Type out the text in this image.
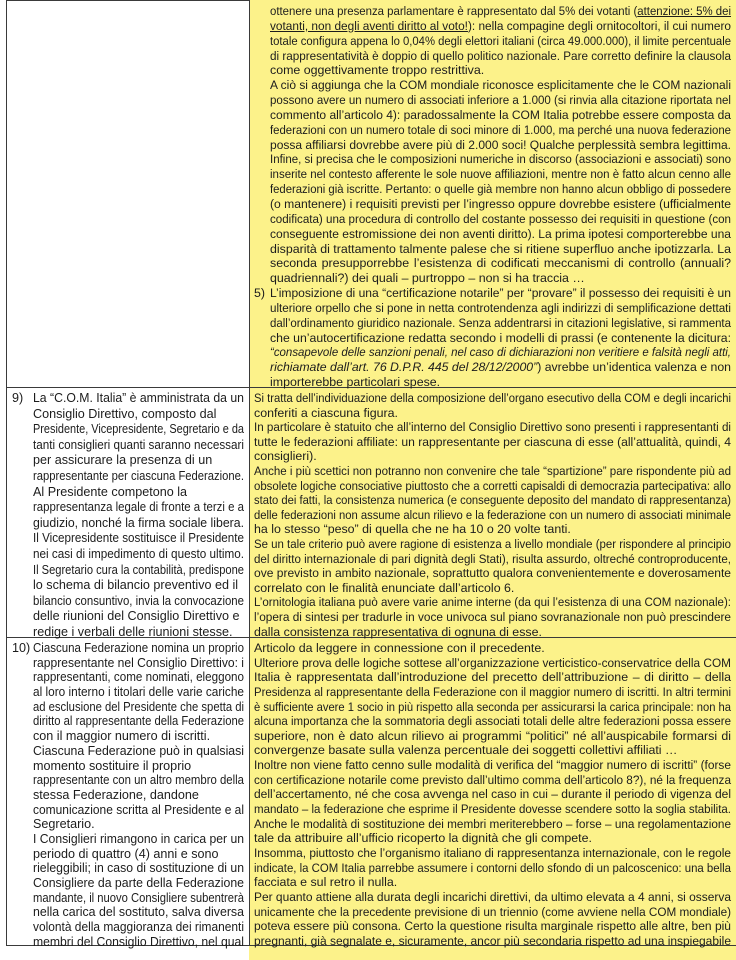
ottenere una presenza parlamentare è rappresentato dal 5% dei votanti (attenzione: 5% dei
votanti, non degli aventi diritto al voto!): nella compagine degli ornitocoltori, il cui numero
totale configura appena lo 0,04% degli elettori italiani (circa 49.000.000), il limite percentuale
di rappresentatività è doppio di quello politico nazionale. Pare corretto definire la clausola
come oggettivamente troppo restrittiva.
A ciò si aggiunga che la COM mondiale riconosce esplicitamente che le COM nazionali
possono avere un numero di associati inferiore a 1.000 (si rinvia alla citazione riportata nel
commento all’articolo 4): paradossalmente la COM Italia potrebbe essere composta da
federazioni con un numero totale di soci minore di 1.000, ma perché una nuova federazione
possa affiliarsi dovrebbe avere più di 2.000 soci! Qualche perplessità sembra legittima.
Infine, si precisa che le composizioni numeriche in discorso (associazioni e associati) sono
inserite nel contesto afferente le sole nuove affiliazioni, mentre non è fatto alcun cenno alle
federazioni già iscritte. Pertanto: o quelle già membre non hanno alcun obbligo di possedere
(o mantenere) i requisiti previsti per l’ingresso oppure dovrebbe esistere (ufficialmente
codificata) una procedura di controllo del costante possesso dei requisiti in questione (con
conseguente estromissione dei non aventi diritto). La prima ipotesi comporterebbe una
disparità di trattamento talmente palese che si ritiene superfluo anche ipotizzarla. La
seconda presupporrebbe l’esistenza di codificati meccanismi di controllo (annuali?
quadriennali?) dei quali – purtroppo – non si ha traccia …
5) L’imposizione di una “certificazione notarile” per “provare” il possesso dei requisiti è un
ulteriore orpello che si pone in netta controtendenza agli indirizzi di semplificazione dettati
dall’ordinamento giuridico nazionale. Senza addentrarsi in citazioni legislative, si rammenta
che un’autocertificazione redatta secondo i modelli di prassi (e contenente la dicitura:
“consapevole delle sanzioni penali, nel caso di dichiarazioni non veritiere e falsità negli atti,
richiamate dall’art. 76 D.P.R. 445 del 28/12/2000”) avrebbe un’identica valenza e non
importerebbe particolari spese.
9) La “C.O.M. Italia” è amministrata da un
Consiglio Direttivo, composto dal
Presidente, Vicepresidente, Segretario e da
tanti consiglieri quanti saranno necessari
per assicurare la presenza di un
rappresentante per ciascuna Federazione.
Al Presidente competono la
rappresentanza legale di fronte a terzi e a
giudizio, nonché la firma sociale libera.
Il Vicepresidente sostituisce il Presidente
nei casi di impedimento di questo ultimo.
Il Segretario cura la contabilità, predispone
lo schema di bilancio preventivo ed il
bilancio consuntivo, invia la convocazione
delle riunioni del Consiglio Direttivo e
redige i verbali delle riunioni stesse.
Si tratta dell’individuazione della composizione dell’organo esecutivo della COM e degli incarichi
conferiti a ciascuna figura.
In particolare è statuito che all’interno del Consiglio Direttivo sono presenti i rappresentanti di
tutte le federazioni affiliate: un rappresentante per ciascuna di esse (all’attualità, quindi, 4
consiglieri).
Anche i più scettici non potranno non convenire che tale “spartizione” pare rispondente più ad
obsolete logiche consociative piuttosto che a corretti capisaldi di democrazia partecipativa: allo
stato dei fatti, la consistenza numerica (e conseguente deposito del mandato di rappresentanza)
delle federazioni non assume alcun rilievo e la federazione con un numero di associati minimale
ha lo stesso “peso” di quella che ne ha 10 o 20 volte tanti.
Se un tale criterio può avere ragione di esistenza a livello mondiale (per rispondere al principio
del diritto internazionale di pari dignità degli Stati), risulta assurdo, oltreché controproducente,
ove previsto in ambito nazionale, soprattutto qualora convenientemente e doverosamente
correlato con le finalità enunciate dall’articolo 6.
L’ornitologia italiana può avere varie anime interne (da qui l’esistenza di una COM nazionale):
l’opera di sintesi per tradurle in voce univoca sul piano sovranazionale non può prescindere
dalla consistenza rappresentativa di ognuna di esse.
10) Ciascuna Federazione nomina un proprio
rappresentante nel Consiglio Direttivo: i
rappresentanti, come nominati, eleggono
al loro interno i titolari delle varie cariche
ad esclusione del Presidente che spetta di
diritto al rappresentante della Federazione
con il maggior numero di iscritti.
Ciascuna Federazione può in qualsiasi
momento sostituire il proprio
rappresentante con un altro membro della
stessa Federazione, dandone
comunicazione scritta al Presidente e al
Segretario.
I Consiglieri rimangono in carica per un
periodo di quattro (4) anni e sono
rieleggibili; in caso di sostituzione di un
Consigliere da parte della Federazione
mandante, il nuovo Consigliere subentrerà
nella carica del sostituto, salva diversa
volontà della maggioranza dei rimanenti
membri del Consiglio Direttivo, nel qual
Articolo da leggere in connessione con il precedente.
Ulteriore prova delle logiche sottese all’organizzazione verticistico-conservatrice della COM
Italia è rappresentata dall’introduzione del precetto dell’attribuzione – di diritto – della
Presidenza al rappresentante della Federazione con il maggior numero di iscritti. In altri termini
è sufficiente avere 1 socio in più rispetto alla seconda per assicurarsi la carica principale: non ha
alcuna importanza che la sommatoria degli associati totali delle altre federazioni possa essere
superiore, non è dato alcun rilievo ai programmi “politici” né all’auspicabile formarsi di
convergenze basate sulla valenza percentuale dei soggetti collettivi affiliati …
Inoltre non viene fatto cenno sulle modalità di verifica del “maggior numero di iscritti” (forse
con certificazione notarile come previsto dall’ultimo comma dell’articolo 8?), né la frequenza
dell’accertamento, né che cosa avvenga nel caso in cui – durante il periodo di vigenza del
mandato – la federazione che esprime il Presidente dovesse scendere sotto la soglia stabilita.
Anche le modalità di sostituzione dei membri meriterebbero – forse – una regolamentazione
tale da attribuire all’ufficio ricoperto la dignità che gli compete.
Insomma, piuttosto che l’organismo italiano di rappresentanza internazionale, con le regole
indicate, la COM Italia parrebbe assumere i contorni dello sfondo di un palcoscenico: una bella
facciata e sul retro il nulla.
Per quanto attiene alla durata degli incarichi direttivi, da ultimo elevata a 4 anni, si osserva
unicamente che la precedente previsione di un triennio (come avviene nella COM mondiale)
poteva essere più consona. Certo la questione risulta marginale rispetto alle altre, ben più
pregnanti, già segnalate e, sicuramente, ancor più secondaria rispetto ad una inspiegabile
